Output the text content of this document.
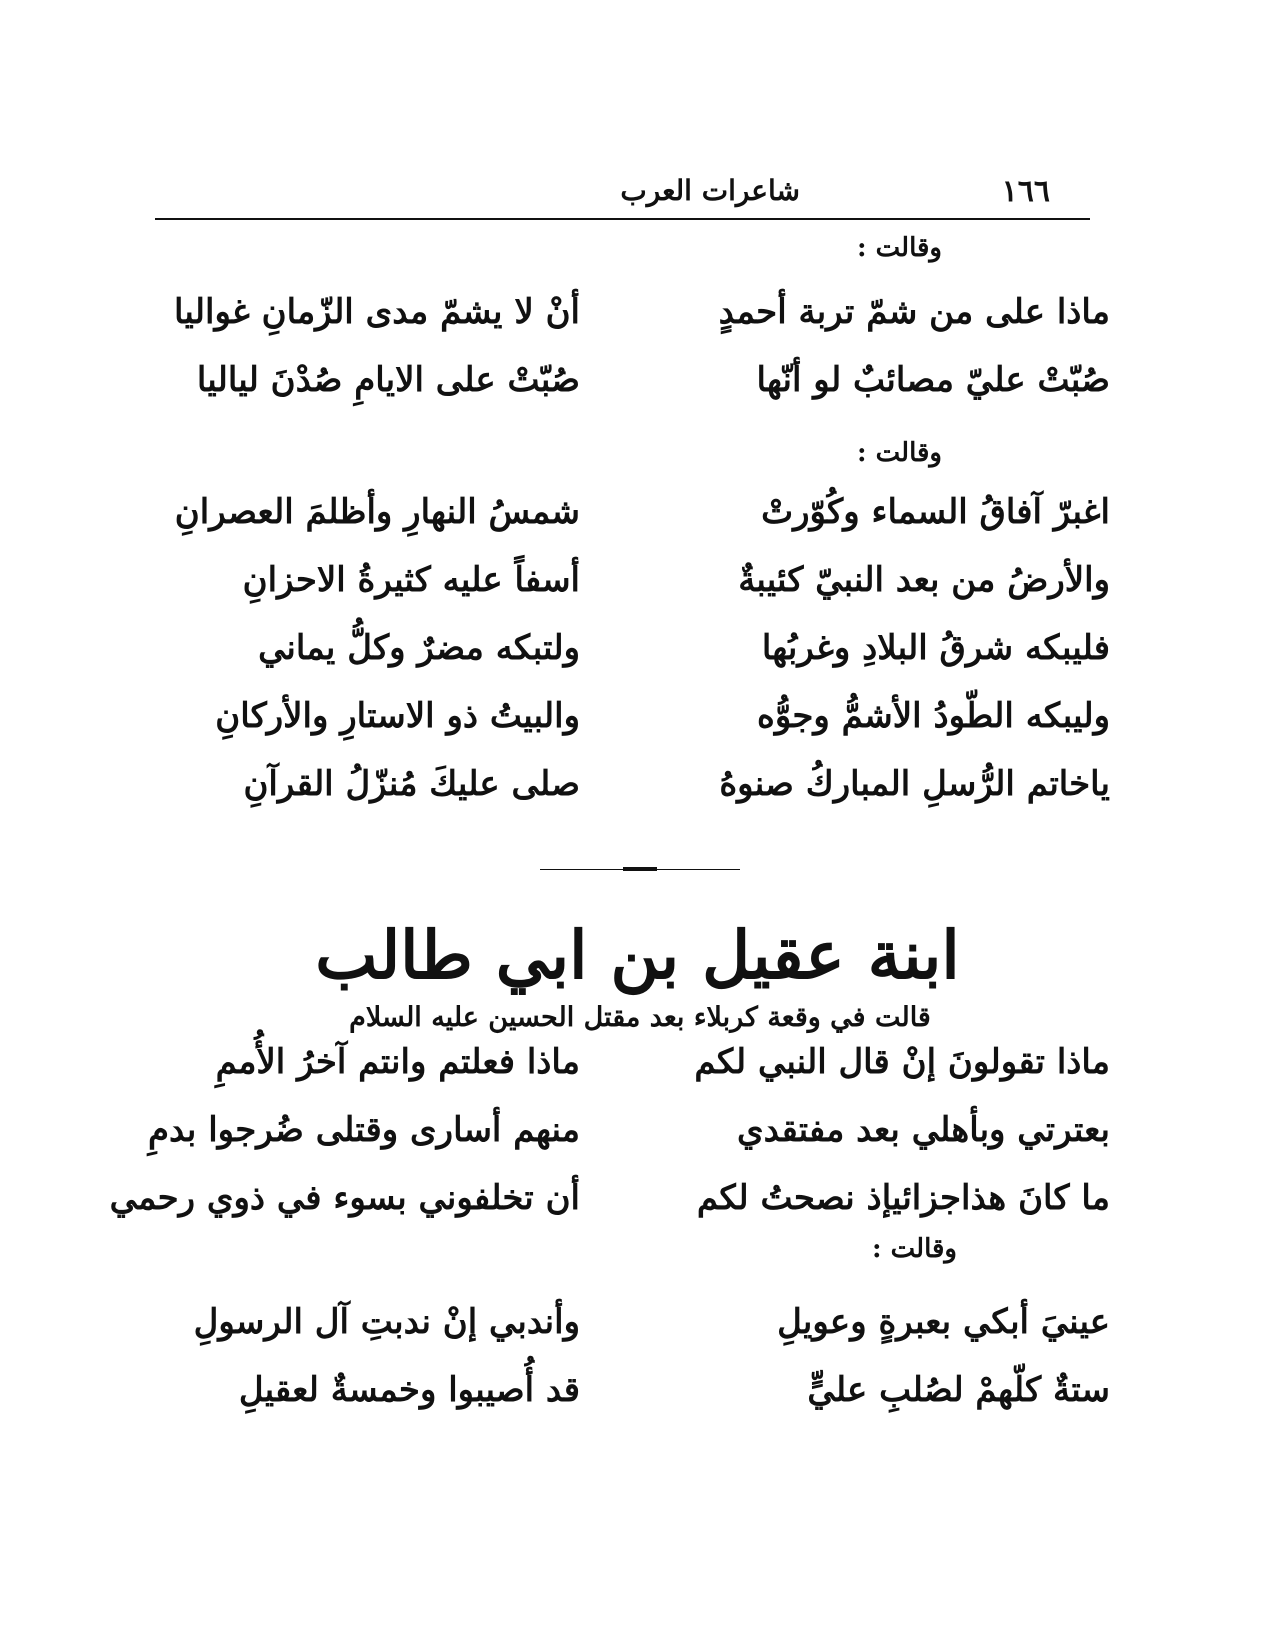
١٦٦
شاعرات العرب
وقالت :
ماذا على من شمّ تربة أحمدٍ
أنْ لا يشمّ مدى الزّمانِ غواليا
صُبّتْ عليّ مصائبٌ لو أنّها
صُبّتْ على الايامِ صُدْنَ لياليا
وقالت :
اغبرّ آفاقُ السماء وكُوّرتْ
شمسُ النهارِ وأظلمَ العصرانِ
والأرضُ من بعد النبيّ كئيبةٌ
أسفاً عليه كثيرةُ الاحزانِ
فليبكه شرقُ البلادِ وغربُها
ولتبكه مضرٌ وكلُّ يماني
وليبكه الطّودُ الأشمُّ وجوُّه
والبيتُ ذو الاستارِ والأركانِ
ياخاتم الرُّسلِ المباركُ صنوهُ
صلى عليكَ مُنزّلُ القرآنِ
ابنة عقيل بن ابي طالب
قالت في وقعة كربلاء بعد مقتل الحسين عليه السلام
ماذا تقولونَ إنْ قال النبي لكم
ماذا فعلتم وانتم آخرُ الأُممِ
بعترتي وبأهلي بعد مفتقدي
منهم أسارى وقتلى ضُرجوا بدمِ
ما كانَ هذاجزائيإذ نصحتُ لكم
أن تخلفوني بسوء في ذوي رحمي
وقالت :
عينيَ أبكي بعبرةٍ وعويلِ
وأندبي إنْ ندبتِ آل الرسولِ
ستةٌ كلّهمْ لصُلبِ عليٍّ
قد أُصيبوا وخمسةٌ لعقيلِ
